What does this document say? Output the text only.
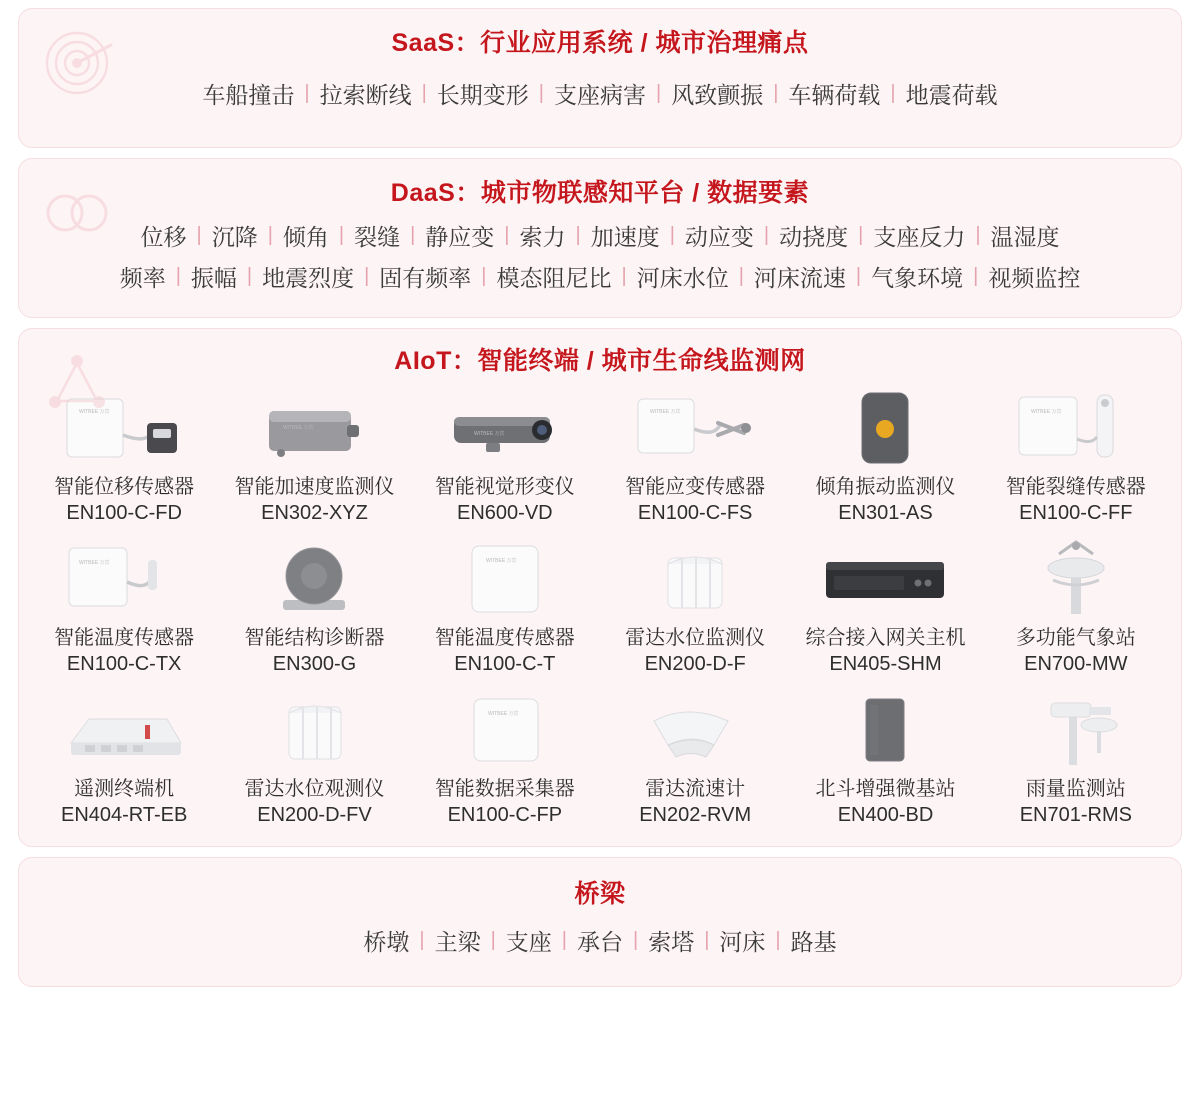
SaaS：行业应用系统 / 城市治理痛点
车船撞击 | 拉索断线 | 长期变形 | 支座病害 | 风致颤振 | 车辆荷载 | 地震荷载
DaaS：城市物联感知平台 / 数据要素
位移 | 沉降 | 倾角 | 裂缝 | 静应变 | 索力 | 加速度 | 动应变 | 动挠度 | 支座反力 | 温湿度
频率 | 振幅 | 地震烈度 | 固有频率 | 模态阻尼比 | 河床水位 | 河床流速 | 气象环境 | 视频监控
AIoT：智能终端 / 城市生命线监测网
WITBEE 万宾
智能位移传感器
EN100-C-FD
WITBEE 万宾
智能加速度监测仪
EN302-XYZ
WITBEE 万宾
智能视觉形变仪
EN600-VD
WITBEE 万宾
智能应变传感器
EN100-C-FS
倾角振动监测仪
EN301-AS
WITBEE 万宾
智能裂缝传感器
EN100-C-FF
WITBEE 万宾
智能温度传感器
EN100-C-TX
智能结构诊断器
EN300-G
WITBEE 万宾
智能温度传感器
EN100-C-T
雷达水位监测仪
EN200-D-F
综合接入网关主机
EN405-SHM
多功能气象站
EN700-MW
遥测终端机
EN404-RT-EB
雷达水位观测仪
EN200-D-FV
WITBEE 万宾
智能数据采集器
EN100-C-FP
雷达流速计
EN202-RVM
北斗增强微基站
EN400-BD
雨量监测站
EN701-RMS
桥梁
桥墩 | 主梁 | 支座 | 承台 | 索塔 | 河床 | 路基
